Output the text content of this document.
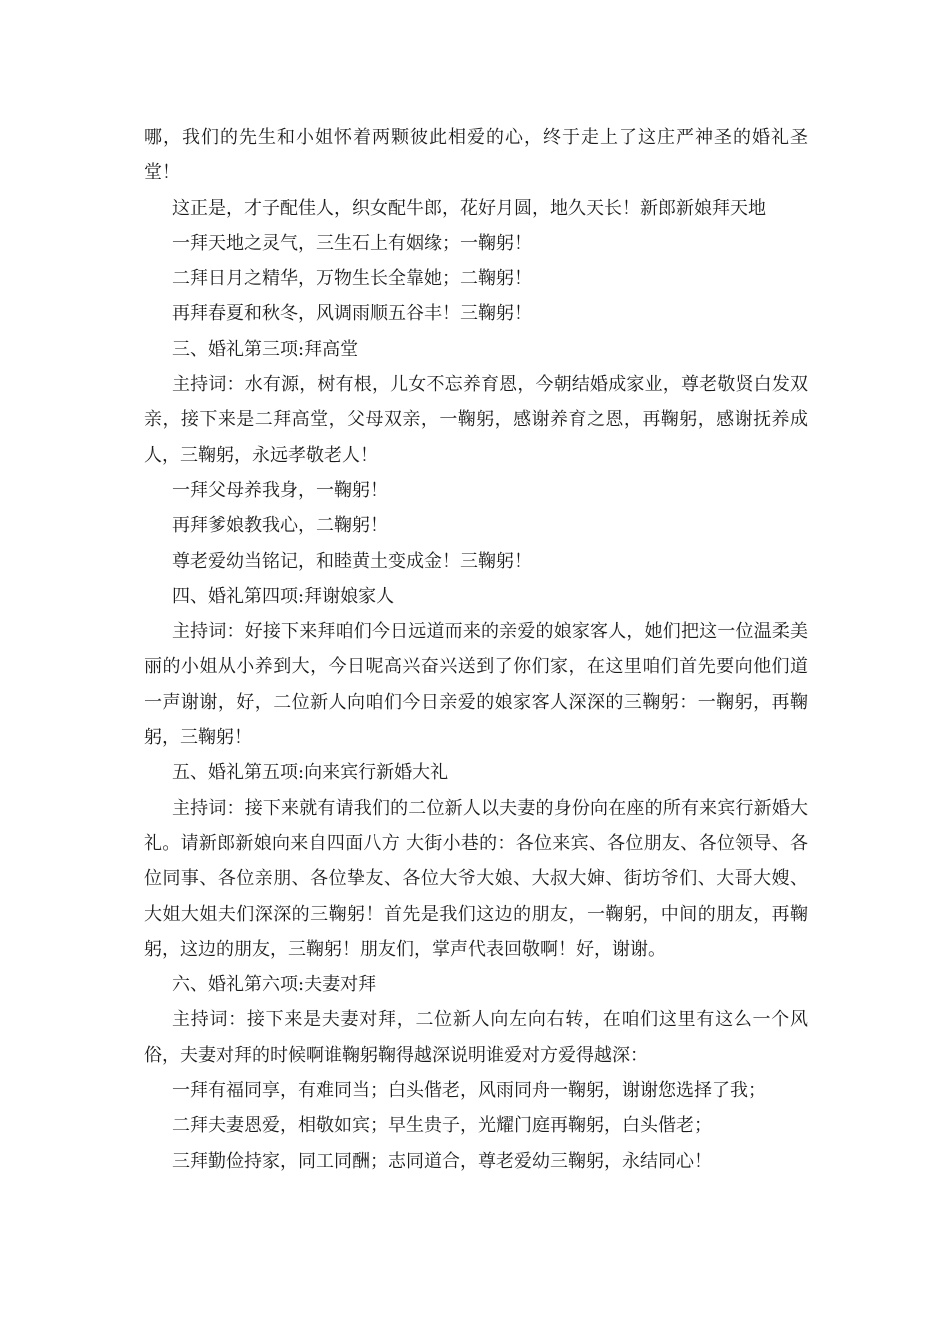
哪，我们的先生和小姐怀着两颗彼此相爱的心，终于走上了这庄严神圣的婚礼圣堂！

这正是，才子配佳人，织女配牛郎，花好月圆，地久天长！新郎新娘拜天地

一拜天地之灵气，三生石上有姻缘；一鞠躬！

二拜日月之精华，万物生长全靠她；二鞠躬！

再拜春夏和秋冬，风调雨顺五谷丰！三鞠躬！

三、婚礼第三项:拜高堂

主持词：水有源，树有根，儿女不忘养育恩，今朝结婚成家业，尊老敬贤白发双亲，接下来是二拜高堂，父母双亲，一鞠躬，感谢养育之恩，再鞠躬，感谢抚养成人，三鞠躬，永远孝敬老人！

一拜父母养我身，一鞠躬！

再拜爹娘教我心，二鞠躬！

尊老爱幼当铭记，和睦黄土变成金！三鞠躬！

四、婚礼第四项:拜谢娘家人

主持词：好接下来拜咱们今日远道而来的亲爱的娘家客人，她们把这一位温柔美丽的小姐从小养到大，今日呢高兴奋兴送到了你们家，在这里咱们首先要向他们道一声谢谢，好，二位新人向咱们今日亲爱的娘家客人深深的三鞠躬：一鞠躬，再鞠躬，三鞠躬！

五、婚礼第五项:向来宾行新婚大礼

主持词：接下来就有请我们的二位新人以夫妻的身份向在座的所有来宾行新婚大礼。请新郎新娘向来自四面八方 大街小巷的：各位来宾、各位朋友、各位领导、各位同事、各位亲朋、各位挚友、各位大爷大娘、大叔大婶、街坊爷们、大哥大嫂、大姐大姐夫们深深的三鞠躬！首先是我们这边的朋友，一鞠躬，中间的朋友，再鞠躬，这边的朋友，三鞠躬！朋友们，掌声代表回敬啊！好，谢谢。

六、婚礼第六项:夫妻对拜

主持词：接下来是夫妻对拜，二位新人向左向右转，在咱们这里有这么一个风俗，夫妻对拜的时候啊谁鞠躬鞠得越深说明谁爱对方爱得越深：

一拜有福同享，有难同当；白头偕老，风雨同舟一鞠躬，谢谢您选择了我；

二拜夫妻恩爱，相敬如宾；早生贵子，光耀门庭再鞠躬，白头偕老；

三拜勤俭持家，同工同酬；志同道合，尊老爱幼三鞠躬，永结同心！
